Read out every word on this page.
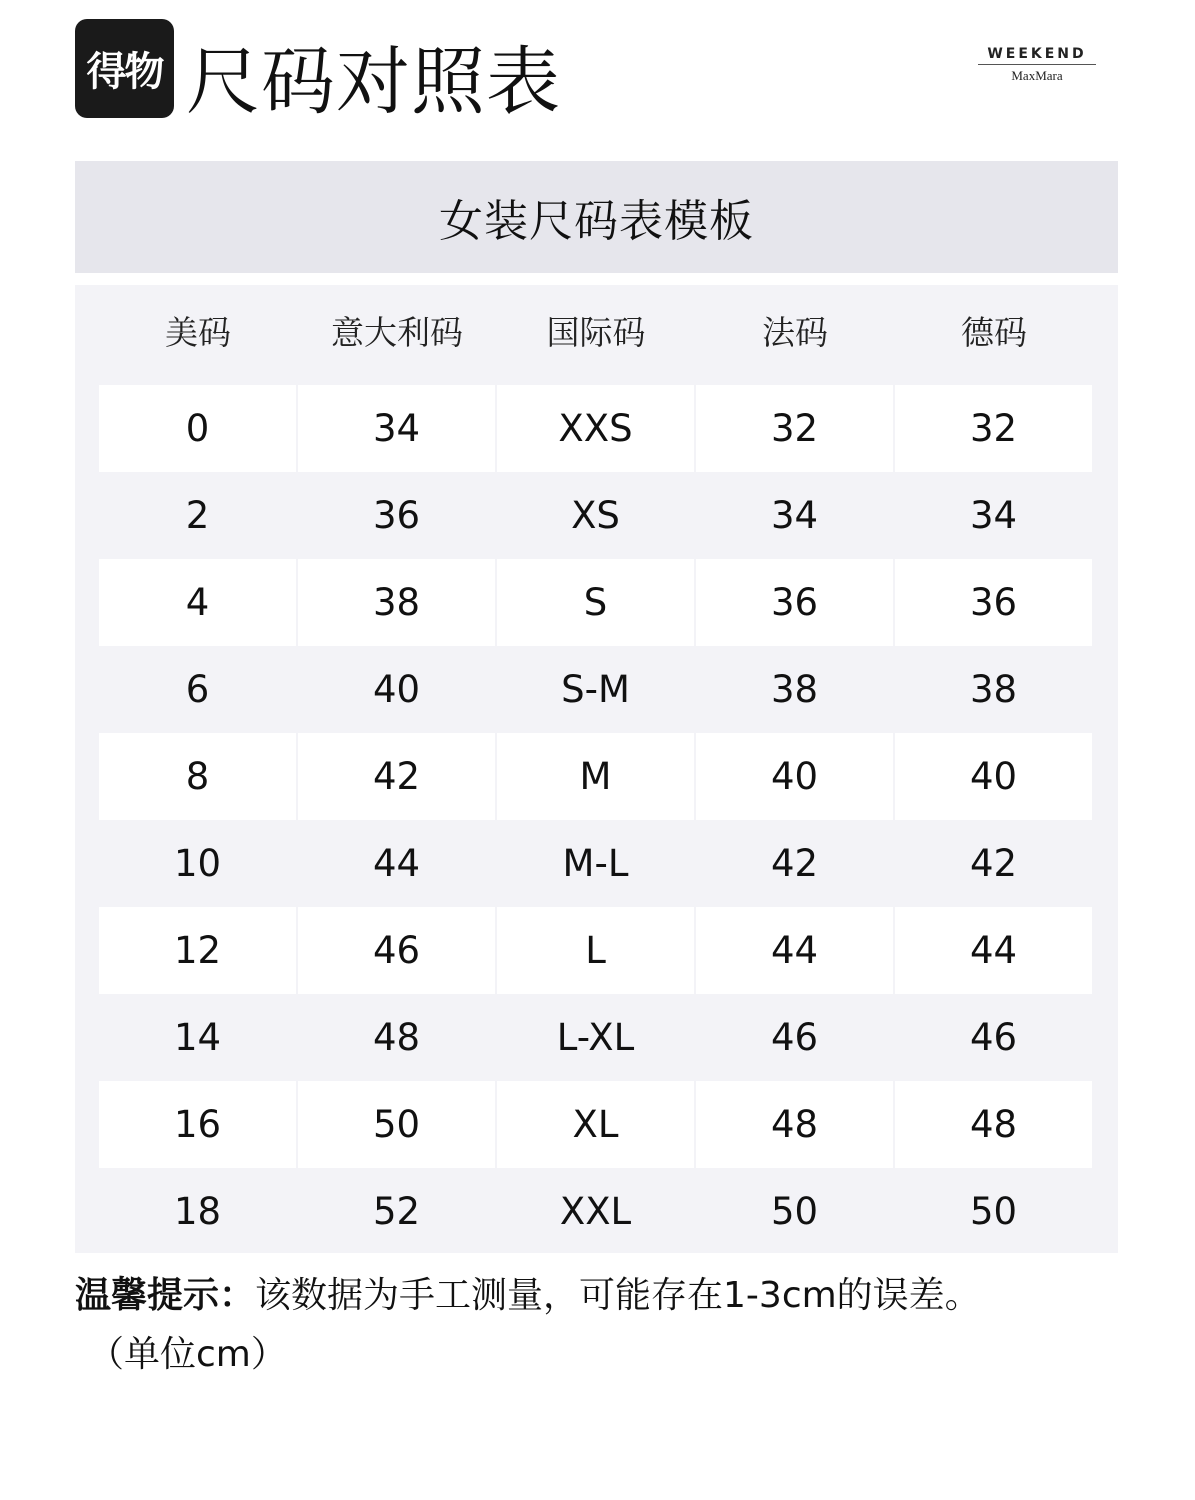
得物 尺码对照表	WEEKEND
MaxMara
女装尺码表模板
美码	意大利码	国际码	法码	德码
0	34	XXS	32	32
2	36	XS	34	34
4	38	S	36	36
6	40	S-M	38	38
8	42	M	40	40
10	44	M-L	42	42
12	46	L	44	44
14	48	L-XL	46	46
16	50	XL	48	48
18	52	XXL	50	50
温馨提示：该数据为手工测量，可能存在1-3cm的误差。
（单位cm）
